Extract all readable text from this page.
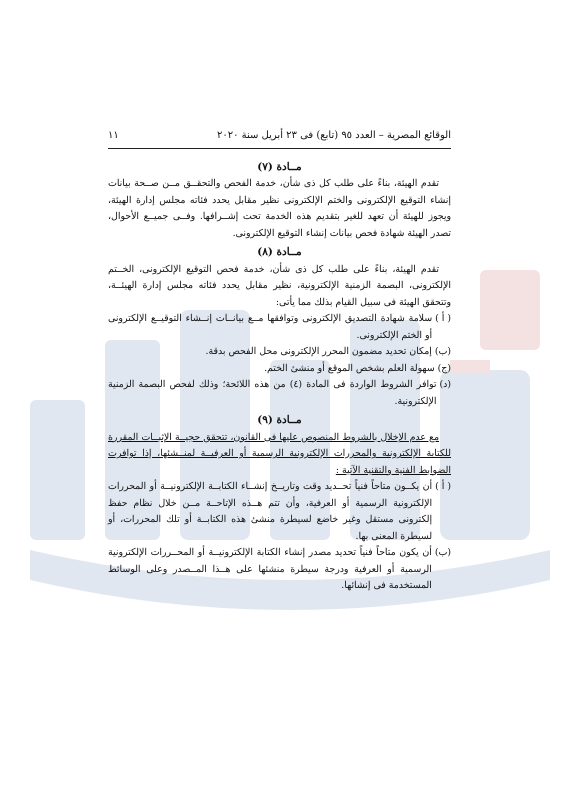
الوقائع المصرية – العدد ٩٥ (تابع) فى ٢٣ أبريل سنة ٢٠٢٠
١١
مــادة (٧)

تقدم الهيئة، بناءً على طلب كل ذى شأن، خدمة الفحص والتحقــق مــن صــحة بيانات إنشاء التوقيع الإلكترونى والختم الإلكترونى نظير مقابل يحدد فئاته مجلس إدارة الهيئة، ويجوز للهيئة أن تعهد للغير بتقديم هذه الخدمة تحت إشــرافها. وفــى جميــع الأحوال، تصدر الهيئة شهادة فحص بيانات إنشاء التوقيع الإلكترونى.

مــادة (٨)

تقدم الهيئة، بناءً على طلب كل ذى شأن، خدمة فحص التوقيع الإلكترونى، الخــتم الإلكترونى، البصمة الزمنية الإلكترونية، نظير مقابل يحدد فئاته مجلس إدارة الهيئــة، وتتحقق الهيئة فى سبيل القيام بذلك مما يأتى:

( أ )
سلامة شهادة التصديق الإلكترونى وتوافقها مــع بيانــات إنــشاء التوقيــع الإلكترونى أو الختم الإلكترونى.
(ب)
إمكان تحديد مضمون المحرر الإلكترونى محل الفحص بدقة.
(ج)
سهولة العلم بشخص الموقع أو منشئ الختم.
(د)
توافر الشروط الواردة فى المادة (٤) من هذه اللائحة؛ وذلك لفحص البصمة الزمنية الإلكترونية.
مــادة (٩)

مع عدم الإخلال بالشروط المنصوص عليها فى القانون، تتحقق حجيــة الإثبــات المقررة للكتابة الإلكترونية والمحررات الإلكترونية الرسمية أو العرفيــة لمنــشئها، إذا توافرت الضوابط الفنية والتقنية الآتية :

( أ )
أن يكــون متاحاً فنياً تحــديد وقت وتاريــخ إنشــاء الكتابــة الإلكترونيــة أو المحررات الإلكترونية الرسمية أو العرفية، وأن تتم هــذه الإتاحــة مــن خلال نظام حفظ إلكترونى مستقل وغير خاضع لسيطرة منشئ هذه الكتابــة أو تلك المحررات، أو لسيطرة المعنى بها.
(ب)
أن يكون متاحاً فنياً تحديد مصدر إنشاء الكتابة الإلكترونيــة أو المحــررات الإلكترونية الرسمية أو العرفية ودرجة سيطرة منشئها على هــذا المــصدر وعلى الوسائط المستخدمة فى إنشائها.
